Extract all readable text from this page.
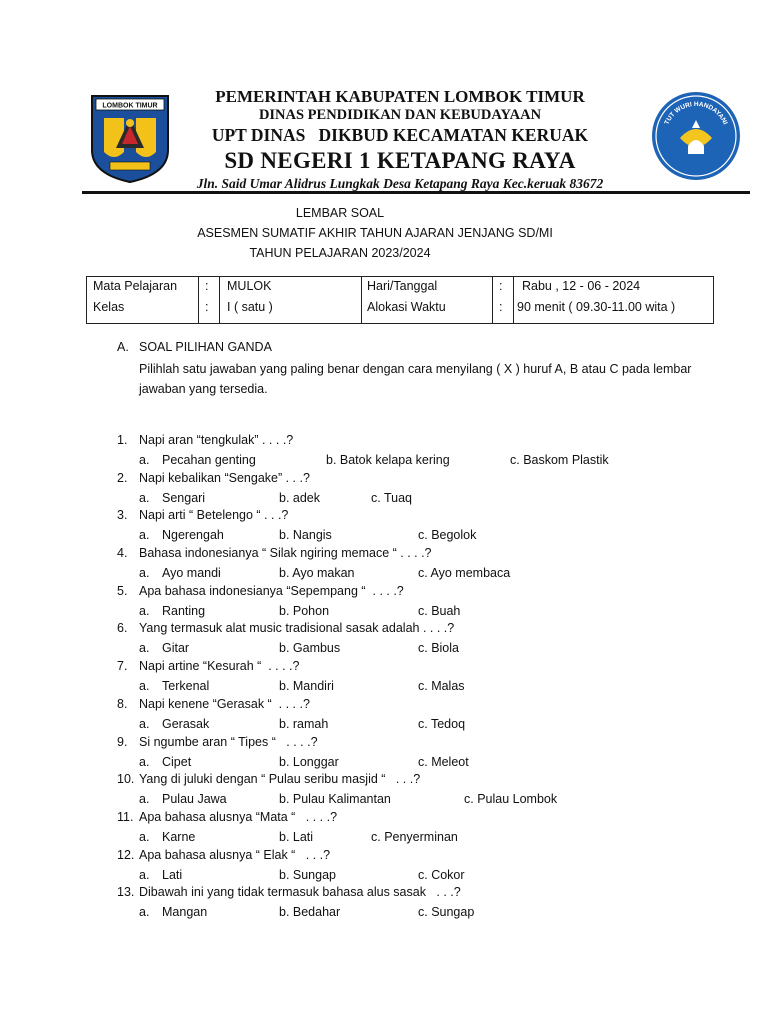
LOMBOK TIMUR
TUT WURI HANDAYANI
PEMERINTAH KABUPATEN LOMBOK TIMUR
DINAS PENDIDIKAN DAN KEBUDAYAAN
UPT DINAS   DIKBUD KECAMATAN KERUAK
SD NEGERI 1 KETAPANG RAYA
Jln. Said Umar Alidrus Lungkak Desa Ketapang Raya Kec.keruak 83672
LEMBAR SOAL
ASESMEN SUMATIF AKHIR TAHUN AJARAN JENJANG SD/MI
TAHUN PELAJARAN 2023/2024
Mata Pelajaran : MULOK	Hari/Tanggal	: Rabu , 12 - 06 - 2024
Kelas	: I ( satu )	Alokasi Waktu	: 90 menit ( 09.30-11.00 wita )
A. SOAL PILIHAN GANDA
Pilihlah satu jawaban yang paling benar dengan cara menyilang ( X ) huruf A, B atau C pada lembar jawaban yang tersedia.
1. Napi aran “tengkulak” . . . .?
a. Pecahan genting	b. Batok kelapa kering	c. Baskom Plastik
2. Napi kebalikan “Sengake” . . .?
a. Sengari	b. adek	c. Tuaq
3. Napi arti “ Betelengo “ . . .?
a. Ngerengah	b. Nangis	c. Begolok
4. Bahasa indonesianya “ Silak ngiring memace “ . . . .?
a. Ayo mandi	b. Ayo makan	c. Ayo membaca
5. Apa bahasa indonesianya “Sepempang “  . . . .?
a. Ranting	b. Pohon	c. Buah
6. Yang termasuk alat music tradisional sasak adalah . . . .?
a. Gitar	b. Gambus	c. Biola
7. Napi artine “Kesurah “  . . . .?
a. Terkenal	b. Mandiri	c. Malas
8. Napi kenene “Gerasak “  . . . .?
a. Gerasak	b. ramah	c. Tedoq
9. Si ngumbe aran “ Tipes “   . . . .?
a. Cipet	b. Longgar	c. Meleot
10. Yang di juluki dengan “ Pulau seribu masjid “   . . .?
a. Pulau Jawa	b. Pulau Kalimantan	c. Pulau Lombok
11. Apa bahasa alusnya “Mata “   . . . .?
a. Karne	b. Lati	c. Penyerminan
12. Apa bahasa alusnya “ Elak “   . . .?
a. Lati	b. Sungap	c. Cokor
13. Dibawah ini yang tidak termasuk bahasa alus sasak   . . .?
a. Mangan	b. Bedahar	c. Sungap
